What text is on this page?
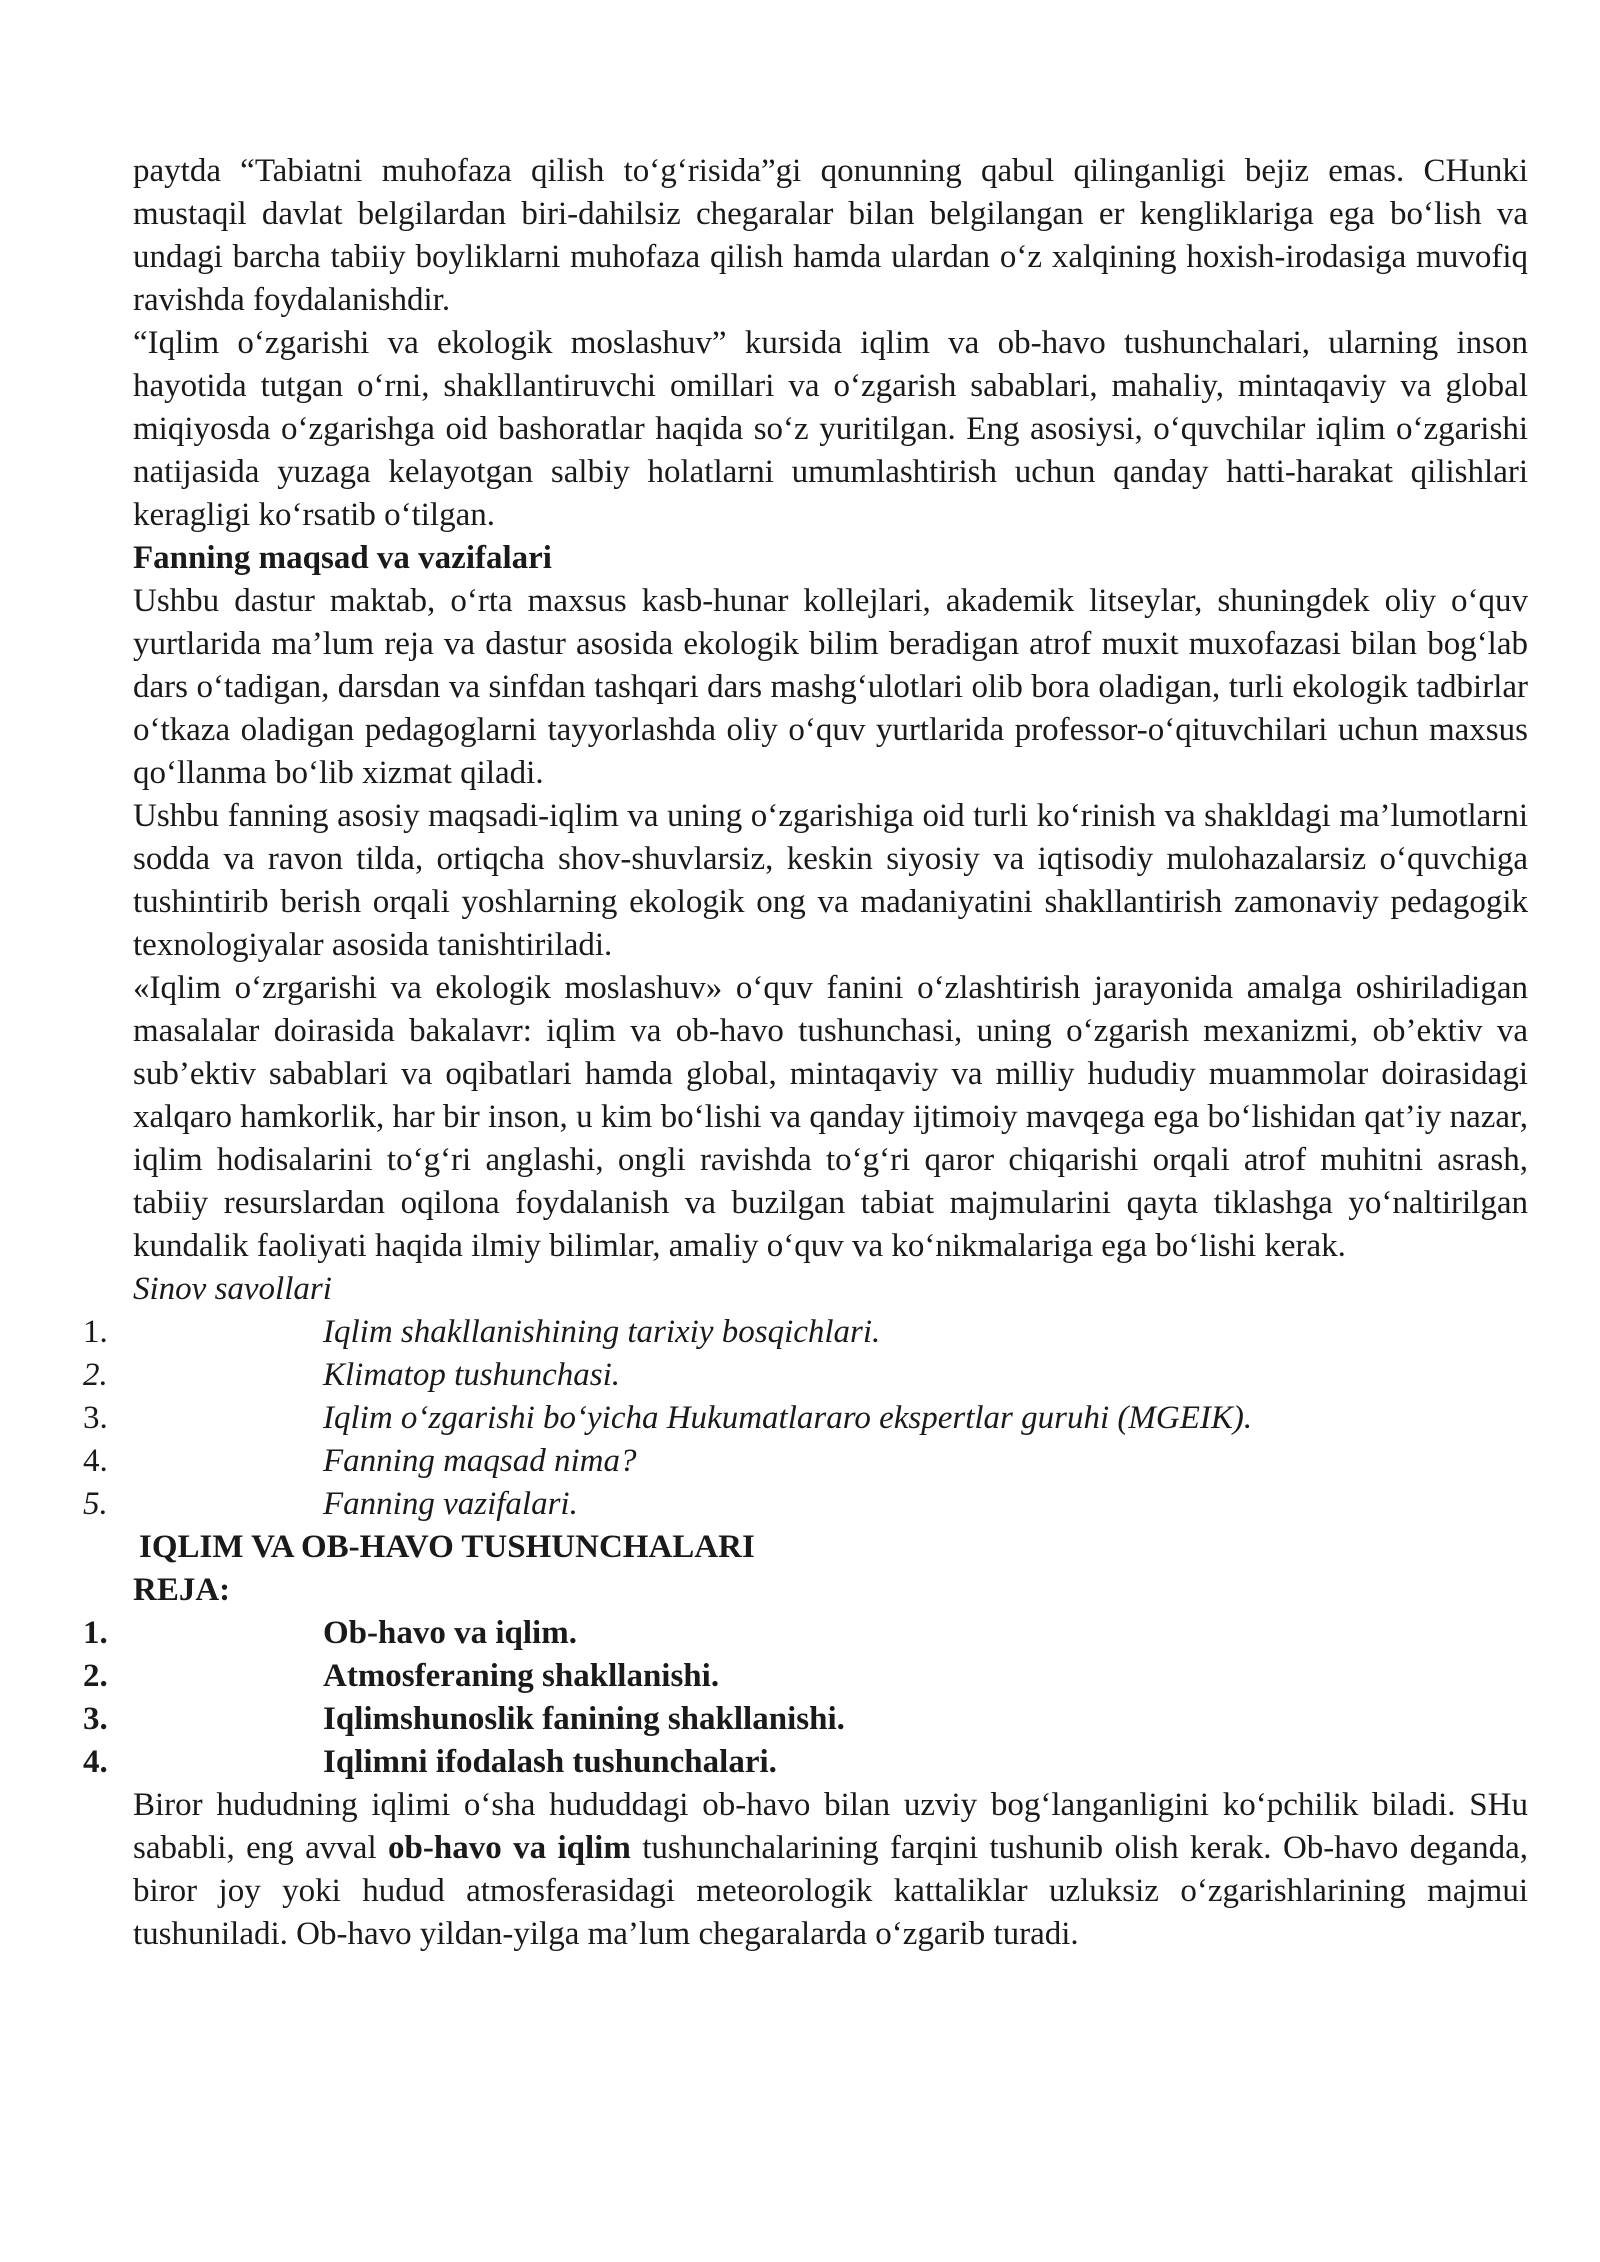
paytda “Tabiatni muhofaza qilish to‘g‘risida”gi qonunning qabul qilinganligi bejiz emas. CHunki mustaqil davlat belgilardan biri-dahilsiz chegaralar bilan belgilangan er kengliklariga ega bo‘lish va undagi barcha tabiiy boyliklarni muhofaza qilish hamda ulardan o‘z xalqining hoxish-irodasiga muvofiq ravishda foydalanishdir.

“Iqlim o‘zgarishi va ekologik moslashuv” kursida iqlim va ob-havo tushunchalari, ularning inson hayotida tutgan o‘rni, shakllantiruvchi omillari va o‘zgarish sabablari, mahaliy, mintaqaviy va global miqiyosda o‘zgarishga oid bashoratlar haqida so‘z yuritilgan. Eng asosiysi, o‘quvchilar iqlim o‘zgarishi natijasida yuzaga kelayotgan salbiy holatlarni umumlashtirish uchun qanday hatti-harakat qilishlari keragligi ko‘rsatib o‘tilgan.

Fanning maqsad va vazifalari

Ushbu dastur maktab, o‘rta maxsus kasb-hunar kollejlari, akademik litseylar, shuningdek oliy o‘quv yurtlarida ma’lum reja va dastur asosida ekologik bilim beradigan atrof muxit muxofazasi bilan bog‘lab dars o‘tadigan, darsdan va sinfdan tashqari dars mashg‘ulotlari olib bora oladigan, turli ekologik tadbirlar o‘tkaza oladigan pedagoglarni tayyorlashda oliy o‘quv yurtlarida professor-o‘qituvchilari uchun maxsus qo‘llanma bo‘lib xizmat qiladi.

Ushbu fanning asosiy maqsadi-iqlim va uning o‘zgarishiga oid turli ko‘rinish va shakldagi ma’lumotlarni sodda va ravon tilda, ortiqcha shov-shuvlarsiz, keskin siyosiy va iqtisodiy mulohazalarsiz o‘quvchiga tushintirib berish orqali yoshlarning ekologik ong va madaniyatini shakllantirish zamonaviy pedagogik texnologiyalar asosida tanishtiriladi.

«Iqlim o‘zrgarishi va ekologik moslashuv» o‘quv fanini o‘zlashtirish jarayonida amalga oshiriladigan masalalar doirasida bakalavr: iqlim va ob-havo tushunchasi, uning o‘zgarish mexanizmi, ob’ektiv va sub’ektiv sabablari va oqibatlari hamda global, mintaqaviy va milliy hududiy muammolar doirasidagi xalqaro hamkorlik, har bir inson, u kim bo‘lishi va qanday ijtimoiy mavqega ega bo‘lishidan qat’iy nazar, iqlim hodisalarini to‘g‘ri anglashi, ongli ravishda to‘g‘ri qaror chiqarishi orqali atrof muhitni asrash, tabiiy resurslardan oqilona foydalanish va buzilgan tabiat majmularini qayta tiklashga yo‘naltirilgan kundalik faoliyati haqida ilmiy bilimlar, amaliy o‘quv va ko‘nikmalariga ega bo‘lishi kerak.

Sinov savollari

1.	Iqlim shakllanishining tarixiy bosqichlari.
2.	Klimatop tushunchasi.
3.	Iqlim o‘zgarishi bo‘yicha Hukumatlararo ekspertlar guruhi (MGEIK).
4.	Fanning maqsad nima?
5.	Fanning vazifalari.

IQLIM VA OB-HAVO TUSHUNCHALARI

REJA:

1.	Ob-havo va iqlim.
2.	Atmosferaning shakllanishi.
3.	Iqlimshunoslik fanining shakllanishi.
4.	Iqlimni ifodalash tushunchalari.

Biror hududning iqlimi o‘sha hududdagi ob-havo bilan uzviy bog‘langanligini ko‘pchilik biladi. SHu sababli, eng avval ob-havo va iqlim tushunchalarining farqini tushunib olish kerak. Ob-havo deganda, biror joy yoki hudud atmosferasidagi meteorologik kattaliklar uzluksiz o‘zgarishlarining majmui tushuniladi. Ob-havo yildan-yilga ma’lum chegaralarda o‘zgarib turadi.
